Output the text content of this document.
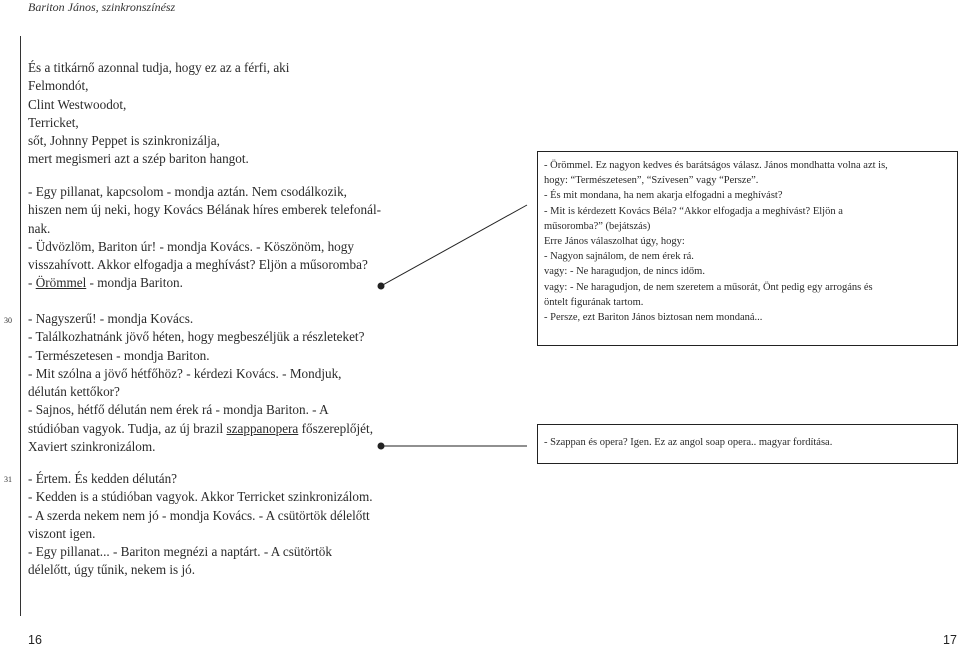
Bariton János, szinkronszínész
30
31
És a titkárnő azonnal tudja, hogy ez az a férfi, aki
Felmondót,
Clint Westwoodot,
Terricket,
sőt, Johnny Peppet is szinkronizálja,
mert megismeri azt a szép bariton hangot.
- Egy pillanat, kapcsolom - mondja aztán. Nem csodálkozik,
hiszen nem új neki, hogy Kovács Bélának híres emberek telefonál-
nak.
- Üdvözlöm, Bariton úr! - mondja Kovács. - Köszönöm, hogy
visszahívott. Akkor elfogadja a meghívást? Eljön a műsoromba?
- Örömmel - mondja Bariton.
- Nagyszerű! - mondja Kovács.
- Találkozhatnánk jövő héten, hogy megbeszéljük a részleteket?
- Természetesen - mondja Bariton.
- Mit szólna a jövő hétfőhöz? - kérdezi Kovács. - Mondjuk,
délután kettőkor?
- Sajnos, hétfő délután nem érek rá - mondja Bariton. - A
stúdióban vagyok. Tudja, az új brazil szappanopera főszereplőjét,
Xaviert szinkronizálom.
- Értem. És kedden délután?
- Kedden is a stúdióban vagyok. Akkor Terricket szinkronizálom.
- A szerda nekem nem jó - mondja Kovács. - A csütörtök délelőtt
viszont igen.
- Egy pillanat... - Bariton megnézi a naptárt. - A csütörtök
délelőtt, úgy tűnik, nekem is jó.
- Örömmel. Ez nagyon kedves és barátságos válasz. János mondhatta volna azt is,
hogy: “Természetesen”, “Szívesen” vagy “Persze”.
- És mit mondana, ha nem akarja elfogadni a meghívást?
- Mit is kérdezett Kovács Béla? “Akkor elfogadja a meghívást? Eljön a
műsoromba?” (bejátszás)
Erre János válaszolhat úgy, hogy:
- Nagyon sajnálom, de nem érek rá.
vagy: - Ne haragudjon, de nincs időm.
vagy: - Ne haragudjon, de nem szeretem a műsorát, Önt pedig egy arrogáns és
öntelt figurának tartom.
- Persze, ezt Bariton János biztosan nem mondaná...
- Szappan és opera? Igen. Ez az angol soap opera.. magyar fordítása.
16	17
